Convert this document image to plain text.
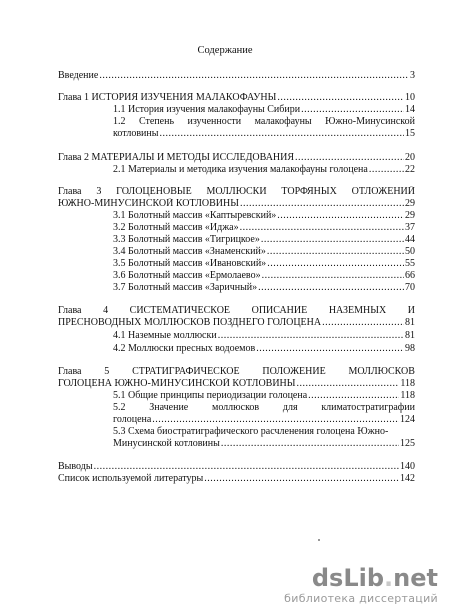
Содержание
Введение .....	3
Глава 1 ИСТОРИЯ ИЗУЧЕНИЯ МАЛАКОФАУНЫ .....	10
1.1 История изучения малакофауны Сибири .....	14
1.2 Степень изученности малакофауны Южно-Минусинской
котловины .....	15
Глава 2 МАТЕРИАЛЫ И МЕТОДЫ ИССЛЕДОВАНИЯ .....	20
2.1 Материалы и методика изучения малакофауны голоцена .....	22
Глава 3 ГОЛОЦЕНОВЫЕ МОЛЛЮСКИ ТОРФЯНЫХ ОТЛОЖЕНИЙ
ЮЖНО-МИНУСИНСКОЙ КОТЛОВИНЫ .....	29
3.1 Болотный массив «Каптыревский» .....	29
3.2 Болотный массив «Иджа» .....	37
3.3 Болотный массив «Тигрицкое» .....	44
3.4 Болотный массив «Знаменский» .....	50
3.5 Болотный массив «Ивановский» .....	55
3.6 Болотный массив «Ермолаево» .....	66
3.7 Болотный массив «Заричный» .....	70
Глава 4 СИСТЕМАТИЧЕСКОЕ ОПИСАНИЕ НАЗЕМНЫХ И
ПРЕСНОВОДНЫХ МОЛЛЮСКОВ ПОЗДНЕГО ГОЛОЦЕНА .....	81
4.1 Наземные моллюски .....	81
4.2 Моллюски пресных водоемов .....	98
Глава 5 СТРАТИГРАФИЧЕСКОЕ ПОЛОЖЕНИЕ МОЛЛЮСКОВ
ГОЛОЦЕНА ЮЖНО-МИНУСИНСКОЙ КОТЛОВИНЫ .....	118
5.1 Общие принципы периодизации голоцена .....	118
5.2 Значение моллюсков для климатостратиграфии
голоцена .....	124
5.3 Схема биостратиграфического расчленения голоцена Южно-
Минусинской котловины .....	125
Выводы .....	140
Список используемой литературы .....	142
dsLib.net
библиотека диссертаций
